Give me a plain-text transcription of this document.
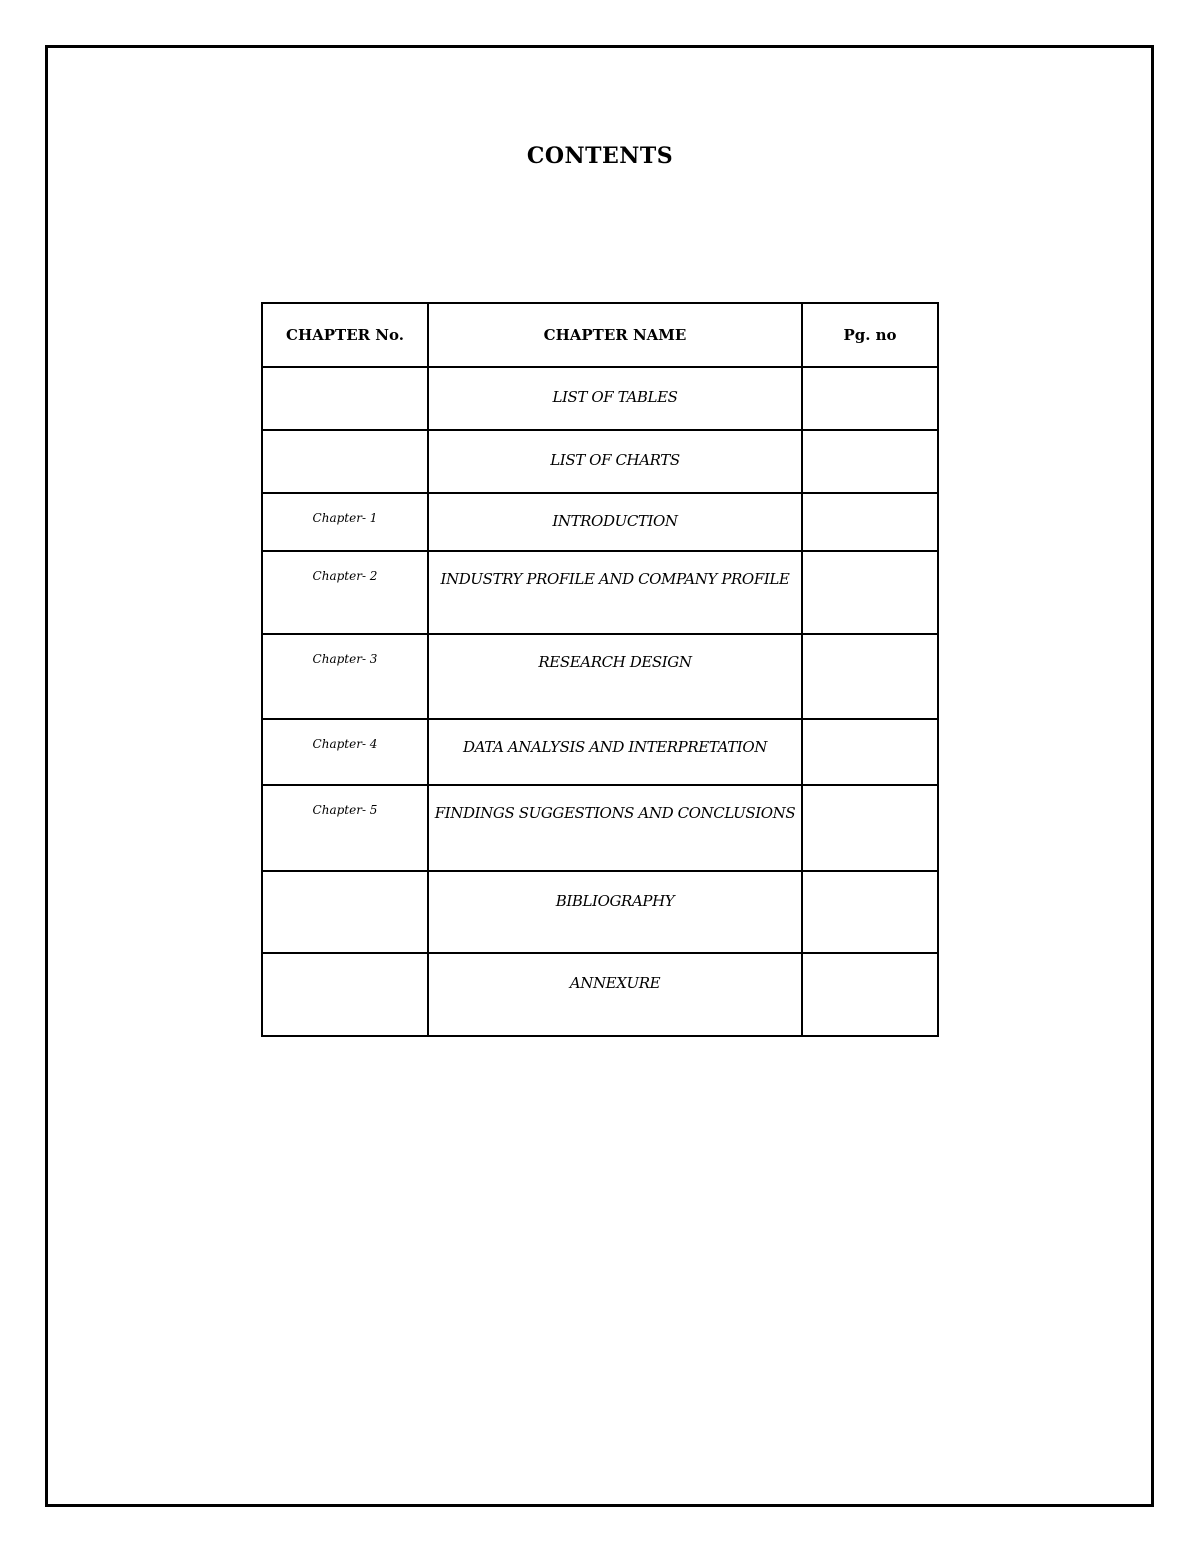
CONTENTS
CHAPTER No.	CHAPTER NAME	Pg. no

	LIST OF TABLES	

	LIST OF CHARTS	

Chapter- 1	INTRODUCTION	

Chapter- 2	INDUSTRY PROFILE AND COMPANY PROFILE	

Chapter- 3	RESEARCH DESIGN	

Chapter- 4	DATA ANALYSIS AND INTERPRETATION	

Chapter- 5	FINDINGS SUGGESTIONS AND CONCLUSIONS	

	BIBLIOGRAPHY	

	ANNEXURE	
